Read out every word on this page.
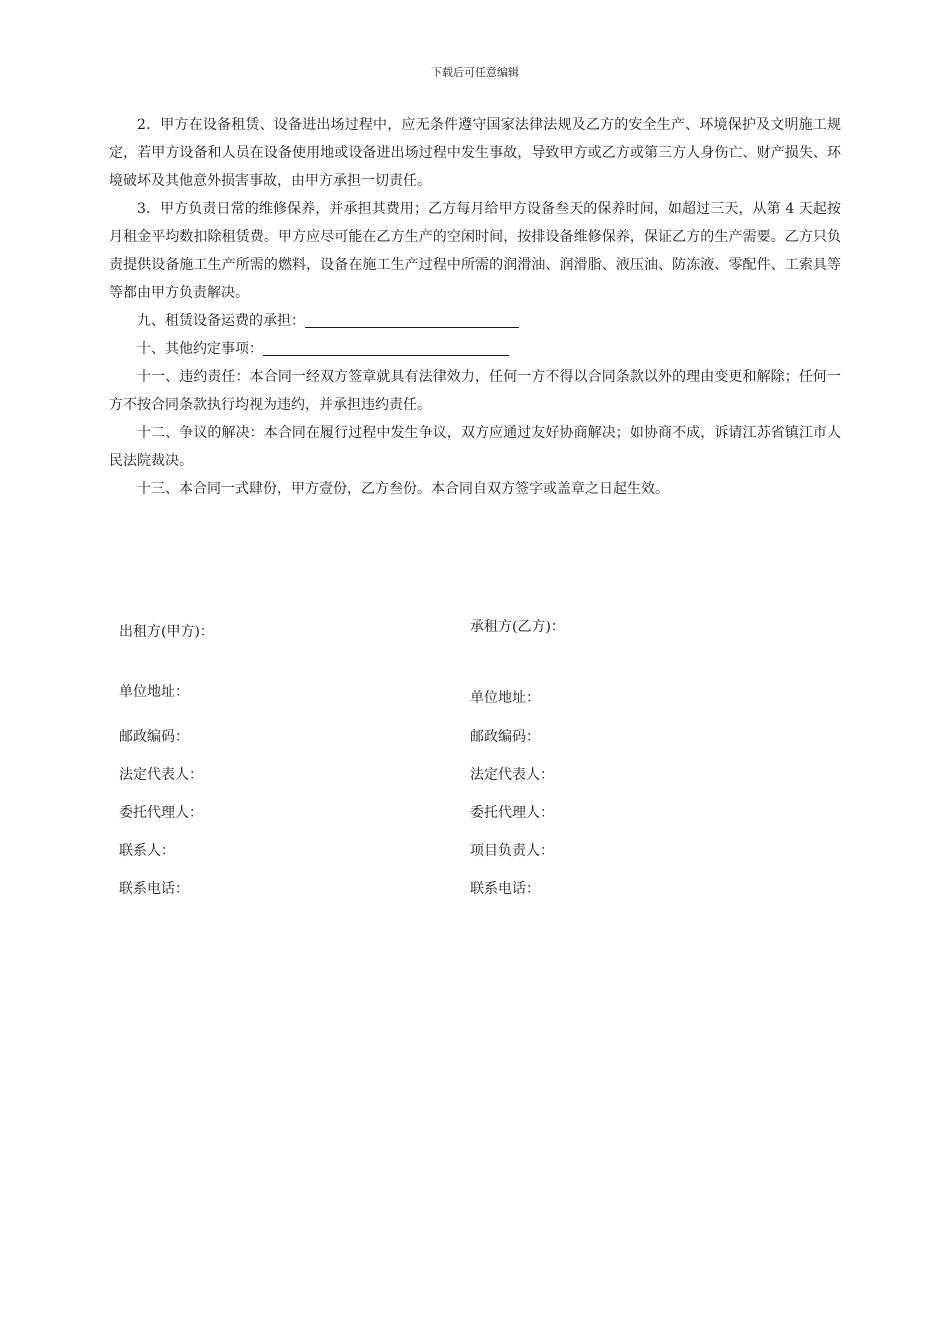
下载后可任意编辑

2．甲方在设备租赁、设备进出场过程中，应无条件遵守国家法律法规及乙方的安全生产、环境保护及文明施工规定，若甲方设备和人员在设备使用地或设备进出场过程中发生事故，导致甲方或乙方或第三方人身伤亡、财产损失、环境破坏及其他意外损害事故，由甲方承担一切责任。

3．甲方负责日常的维修保养，并承担其费用；乙方每月给甲方设备叁天的保养时间，如超过三天，从第 4 天起按月租金平均数扣除租赁费。甲方应尽可能在乙方生产的空闲时间，按排设备维修保养，保证乙方的生产需要。乙方只负责提供设备施工生产所需的燃料，设备在施工生产过程中所需的润滑油、润滑脂、液压油、防冻液、零配件、工索具等等都由甲方负责解决。

九、租赁设备运费的承担：

十、其他约定事项：

十一、违约责任：本合同一经双方签章就具有法律效力，任何一方不得以合同条款以外的理由变更和解除；任何一方不按合同条款执行均视为违约，并承担违约责任。

十二、争议的解决：本合同在履行过程中发生争议，双方应通过友好协商解决；如协商不成，诉请江苏省镇江市人民法院裁决。

十三、本合同一式肆份，甲方壹份，乙方叁份。本合同自双方签字或盖章之日起生效。

出租方(甲方)：
单位地址：
邮政编码：
法定代表人：
委托代理人：
联系人：
联系电话：
承租方(乙方)：
单位地址：
邮政编码：
法定代表人：
委托代理人：
项目负责人：
联系电话：
